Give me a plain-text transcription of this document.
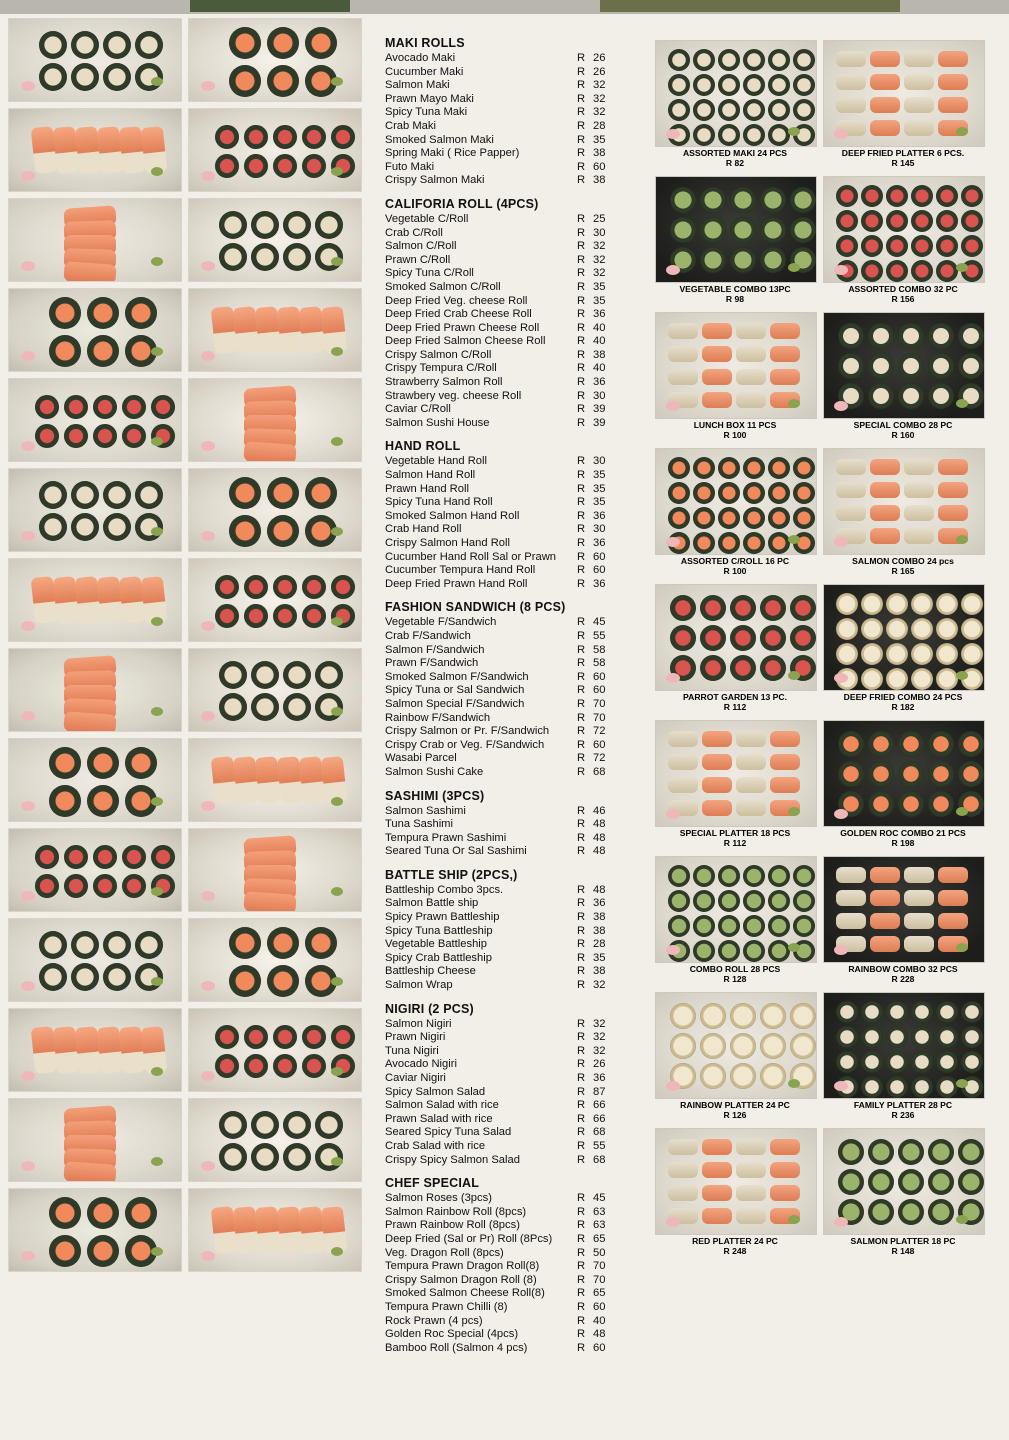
MAKI ROLLS
Avocado Maki	R 26
Cucumber Maki	R 26
Salmon Maki	R 32
Prawn Mayo Maki	R 32
Spicy Tuna Maki	R 32
Crab Maki	R 28
Smoked Salmon Maki	R 35
Spring Maki ( Rice Papper)	R 38
Futo Maki	R 60
Crispy Salmon Maki	R 38
CALIFORIA ROLL (4PCS)
Vegetable C/Roll	R 25
Crab C/Roll	R 30
Salmon C/Roll	R 32
Prawn C/Roll	R 32
Spicy Tuna C/Roll	R 32
Smoked Salmon C/Roll	R 35
Deep Fried Veg. cheese Roll	R 35
Deep Fried Crab Cheese Roll	R 36
Deep Fried Prawn Cheese Roll	R 40
Deep Fried Salmon Cheese Roll	R 40
Crispy Salmon C/Roll	R 38
Crispy Tempura C/Roll	R 40
Strawberry Salmon Roll	R 36
Strawbery veg. cheese Roll	R 30
Caviar C/Roll	R 39
Salmon Sushi House	R 39
HAND ROLL
Vegetable Hand Roll	R 30
Salmon Hand Roll	R 35
Prawn Hand Roll	R 35
Spicy Tuna Hand Roll	R 35
Smoked Salmon Hand Roll	R 36
Crab Hand Roll	R 30
Crispy Salmon Hand Roll	R 36
Cucumber Hand Roll Sal or Prawn	R 60
Cucumber Tempura Hand Roll	R 60
Deep Fried Prawn Hand Roll	R 36
FASHION SANDWICH (8 PCS)
Vegetable F/Sandwich	R 45
Crab F/Sandwich	R 55
Salmon F/Sandwich	R 58
Prawn F/Sandwich	R 58
Smoked Salmon F/Sandwich	R 60
Spicy Tuna or Sal Sandwich	R 60
Salmon Special F/Sandwich	R 70
Rainbow F/Sandwich	R 70
Crispy Salmon or Pr. F/Sandwich	R 72
Crispy Crab or Veg. F/Sandwich	R 60
Wasabi Parcel	R 72
Salmon Sushi Cake	R 68
SASHIMI (3PCS)
Salmon Sashimi	R 46
Tuna Sashimi	R 48
Tempura Prawn Sashimi	R 48
Seared Tuna Or Sal Sashimi	R 48
BATTLE SHIP (2PCS,)
Battleship Combo 3pcs.	R 48
Salmon Battle ship	R 36
Spicy Prawn Battleship	R 38
Spicy Tuna Battleship	R 38
Vegetable Battleship	R 28
Spicy Crab Battleship	R 35
Battleship Cheese	R 38
Salmon Wrap	R 32
NIGIRI (2 PCS)
Salmon Nigiri	R 32
Prawn Nigiri	R 32
Tuna Nigiri	R 32
Avocado Nigiri	R 26
Caviar Nigiri	R 36
Spicy Salmon Salad	R 87
Salmon Salad with rice	R 66
Prawn Salad with rice	R 66
Seared Spicy Tuna Salad	R 68
Crab Salad with rice	R 55
Crispy Spicy Salmon Salad	R 68
CHEF SPECIAL
Salmon Roses (3pcs)	R 45
Salmon Rainbow Roll (8pcs)	R 63
Prawn Rainbow Roll (8pcs)	R 63
Deep Fried (Sal or Pr) Roll (8Pcs)	R 65
Veg. Dragon Roll (8pcs)	R 50
Tempura Prawn Dragon Roll(8)	R 70
Crispy Salmon Dragon Roll (8)	R 70
Smoked Salmon Cheese Roll(8)	R 65
Tempura Prawn Chilli (8)	R 60
Rock Prawn (4 pcs)	R 40
Golden Roc Special (4pcs)	R 48
Bamboo Roll (Salmon 4 pcs)	R 60
ASSORTED MAKI 24 PCS
R 82
DEEP FRIED PLATTER 6 PCS.
R 145
VEGETABLE COMBO 13PC
R 98
ASSORTED COMBO 32 PC
R 156
LUNCH BOX 11 PCS
R 100
SPECIAL COMBO 28 PC
R 160
ASSORTED C/ROLL 16 PC
R 100
SALMON COMBO 24 pcs
R 165
PARROT GARDEN 13 PC.
R 112
DEEP FRIED COMBO 24 PCS
R 182
SPECIAL PLATTER 18 PCS
R 112
GOLDEN ROC COMBO 21 PCS
R 198
COMBO ROLL 28 PCS
R 128
RAINBOW COMBO 32 PCS
R 228
RAINBOW PLATTER 24 PC
R 126
FAMILY PLATTER 28 PC
R 236
RED PLATTER 24 PC
R 248
SALMON PLATTER 18 PC
R 148
